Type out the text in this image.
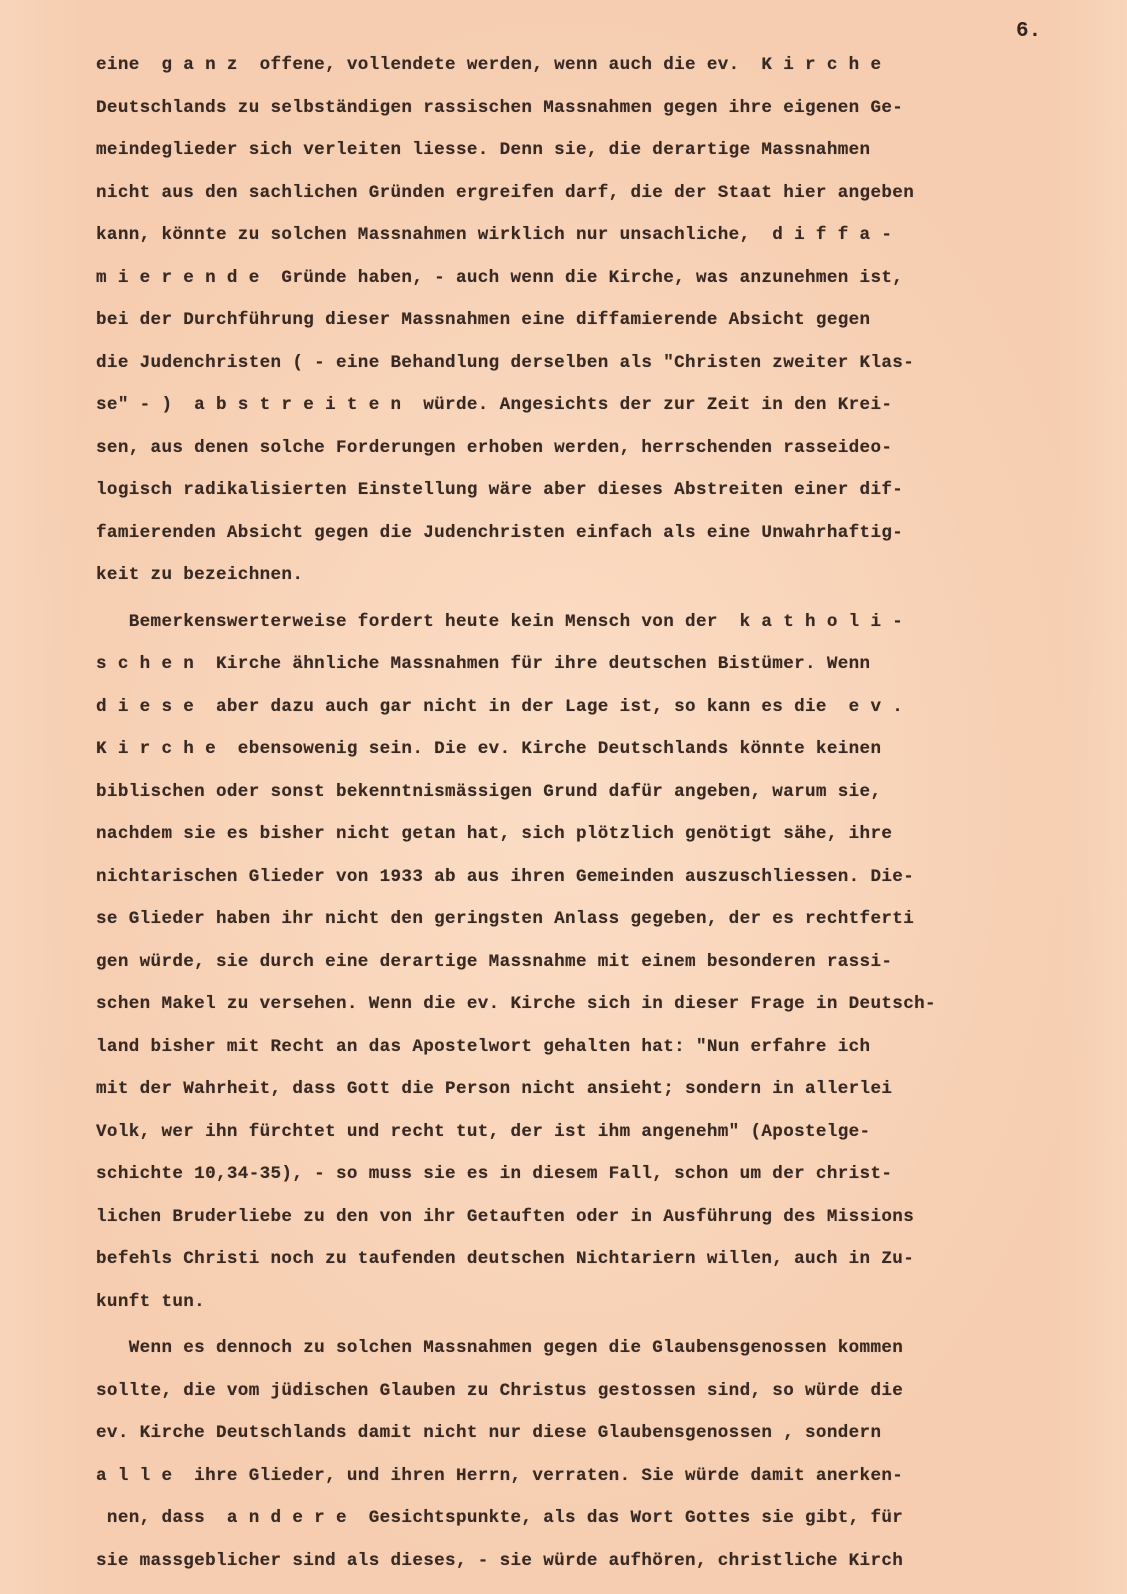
6.
eine  g a n z  offene, vollendete werden, wenn auch die ev.  K i r c h e
Deutschlands zu selbständigen rassischen Massnahmen gegen ihre eigenen Ge-
meindeglieder sich verleiten liesse. Denn sie, die derartige Massnahmen
nicht aus den sachlichen Gründen ergreifen darf, die der Staat hier angeben
kann, könnte zu solchen Massnahmen wirklich nur unsachliche,  d i f f a -
m i e r e n d e  Gründe haben, - auch wenn die Kirche, was anzunehmen ist,
bei der Durchführung dieser Massnahmen eine diffamierende Absicht gegen
die Judenchristen ( - eine Behandlung derselben als "Christen zweiter Klas-
se" - )  a b s t r e i t e n  würde. Angesichts der zur Zeit in den Krei-
sen, aus denen solche Forderungen erhoben werden, herrschenden rasseideo-
logisch radikalisierten Einstellung wäre aber dieses Abstreiten einer dif-
famierenden Absicht gegen die Judenchristen einfach als eine Unwahrhaftig-
keit zu bezeichnen.
Bemerkenswerterweise fordert heute kein Mensch von der  k a t h o l i -
s c h e n  Kirche ähnliche Massnahmen für ihre deutschen Bistümer. Wenn
d i e s e  aber dazu auch gar nicht in der Lage ist, so kann es die  e v .
K i r c h e  ebensowenig sein. Die ev. Kirche Deutschlands könnte keinen
biblischen oder sonst bekenntnismässigen Grund dafür angeben, warum sie,
nachdem sie es bisher nicht getan hat, sich plötzlich genötigt sähe, ihre
nichtarischen Glieder von 1933 ab aus ihren Gemeinden auszuschliessen. Die-
se Glieder haben ihr nicht den geringsten Anlass gegeben, der es rechtferti
gen würde, sie durch eine derartige Massnahme mit einem besonderen rassi-
schen Makel zu versehen. Wenn die ev. Kirche sich in dieser Frage in Deutsch-
land bisher mit Recht an das Apostelwort gehalten hat: "Nun erfahre ich
mit der Wahrheit, dass Gott die Person nicht ansieht; sondern in allerlei
Volk, wer ihn fürchtet und recht tut, der ist ihm angenehm" (Apostelge-
schichte 10,34-35), - so muss sie es in diesem Fall, schon um der christ-
lichen Bruderliebe zu den von ihr Getauften oder in Ausführung des Missions
befehls Christi noch zu taufenden deutschen Nichtariern willen, auch in Zu-
kunft tun.
Wenn es dennoch zu solchen Massnahmen gegen die Glaubensgenossen kommen
sollte, die vom jüdischen Glauben zu Christus gestossen sind, so würde die
ev. Kirche Deutschlands damit nicht nur diese Glaubensgenossen , sondern
a l l e  ihre Glieder, und ihren Herrn, verraten. Sie würde damit anerken-
nen, dass  a n d e r e  Gesichtspunkte, als das Wort Gottes sie gibt, für
sie massgeblicher sind als dieses, - sie würde aufhören, christliche Kirch
